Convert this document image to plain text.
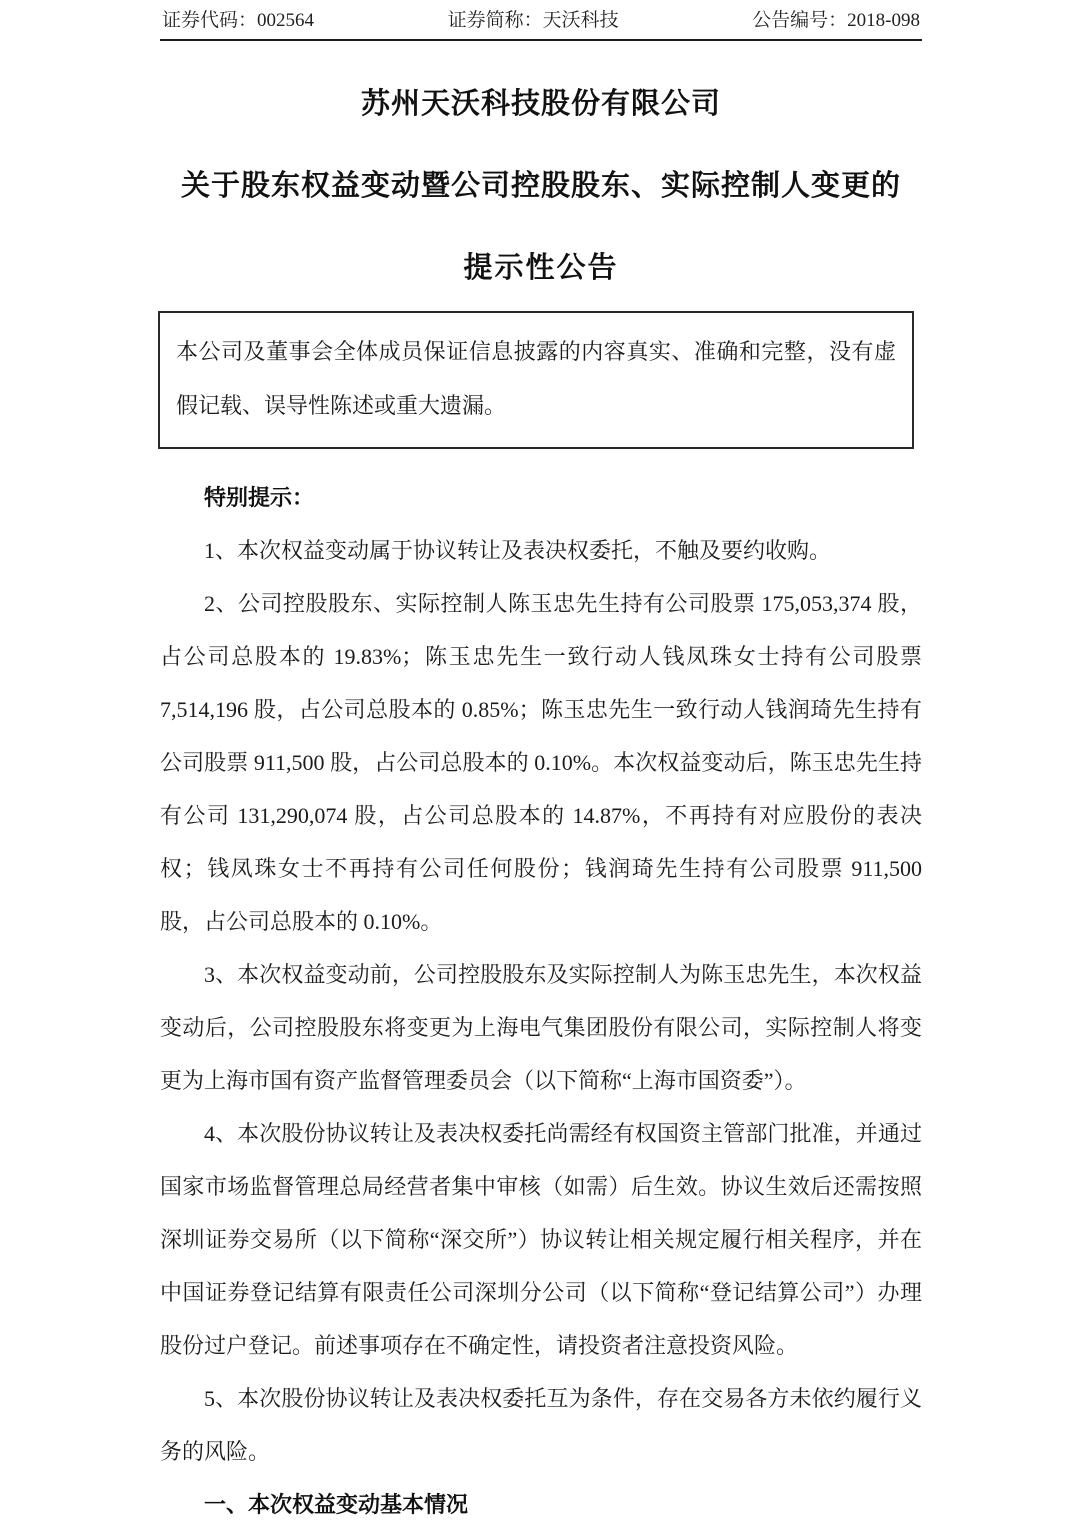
证券代码：002564	证券简称：天沃科技	公告编号：2018-098
苏州天沃科技股份有限公司
关于股东权益变动暨公司控股股东、实际控制人变更的
提示性公告
本公司及董事会全体成员保证信息披露的内容真实、准确和完整，没有虚假记载、误导性陈述或重大遗漏。
特别提示：

1、本次权益变动属于协议转让及表决权委托，不触及要约收购。

2、公司控股股东、实际控制人陈玉忠先生持有公司股票 175,053,374 股，占公司总股本的 19.83%；陈玉忠先生一致行动人钱凤珠女士持有公司股票 7,514,196 股，占公司总股本的 0.85%；陈玉忠先生一致行动人钱润琦先生持有公司股票 911,500 股，占公司总股本的 0.10%。本次权益变动后，陈玉忠先生持有公司 131,290,074 股，占公司总股本的 14.87%，不再持有对应股份的表决权；钱凤珠女士不再持有公司任何股份；钱润琦先生持有公司股票 911,500 股，占公司总股本的 0.10%。

3、本次权益变动前，公司控股股东及实际控制人为陈玉忠先生，本次权益变动后，公司控股股东将变更为上海电气集团股份有限公司，实际控制人将变更为上海市国有资产监督管理委员会（以下简称“上海市国资委”）。

4、本次股份协议转让及表决权委托尚需经有权国资主管部门批准，并通过国家市场监督管理总局经营者集中审核（如需）后生效。协议生效后还需按照深圳证券交易所（以下简称“深交所”）协议转让相关规定履行相关程序，并在中国证券登记结算有限责任公司深圳分公司（以下简称“登记结算公司”）办理股份过户登记。前述事项存在不确定性，请投资者注意投资风险。

5、本次股份协议转让及表决权委托互为条件，存在交易各方未依约履行义务的风险。

一、本次权益变动基本情况
